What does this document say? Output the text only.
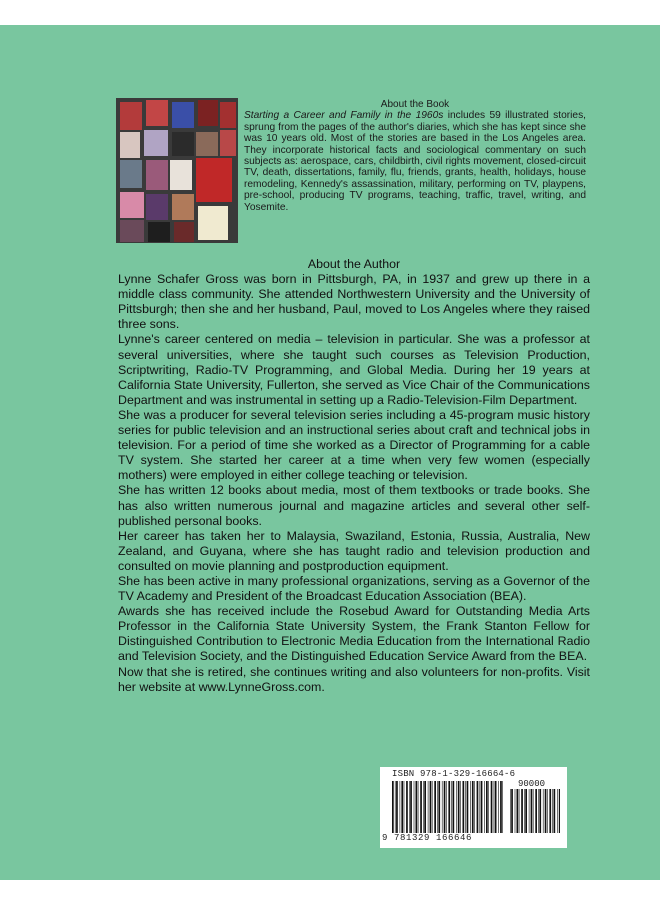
About the Book
Starting a Career and Family in the 1960s includes 59 illustrated stories, sprung from the pages of the author's diaries, which she has kept since she was 10 years old. Most of the stories are based in the Los Angeles area. They incorporate historical facts and sociological commentary on such subjects as: aerospace, cars, childbirth, civil rights movement, closed-circuit TV, death, dissertations, family, flu, friends, grants, health, holidays, house remodeling, Kennedy's assassination, military, performing on TV, playpens, pre-school, producing TV programs, teaching, traffic, travel, writing, and Yosemite.
About the Author

Lynne Schafer Gross was born in Pittsburgh, PA, in 1937 and grew up there in a middle class community. She attended Northwestern University and the University of Pittsburgh; then she and her husband, Paul, moved to Los Angeles where they raised three sons.

Lynne's career centered on media – television in particular. She was a professor at several universities, where she taught such courses as Television Production, Scriptwriting, Radio-TV Programming, and Global Media. During her 19 years at California State University, Fullerton, she served as Vice Chair of the Communications Department and was instrumental in setting up a Radio-Television-Film Department.

She was a producer for several television series including a 45-program music history series for public television and an instructional series about craft and technical jobs in television. For a period of time she worked as a Director of Programming for a cable TV system. She started her career at a time when very few women (especially mothers) were employed in either college teaching or television.

She has written 12 books about media, most of them textbooks or trade books. She has also written numerous journal and magazine articles and several other self-published personal books.

Her career has taken her to Malaysia, Swaziland, Estonia, Russia, Australia, New Zealand, and Guyana, where she has taught radio and television production and consulted on movie planning and postproduction equipment.

She has been active in many professional organizations, serving as a Governor of the TV Academy and President of the Broadcast Education Association (BEA).

Awards she has received include the Rosebud Award for Outstanding Media Arts Professor in the California State University System, the Frank Stanton Fellow for Distinguished Contribution to Electronic Media Education from the International Radio and Television Society, and the Distinguished Education Service Award from the BEA.

Now that she is retired, she continues writing and also volunteers for non-profits. Visit her website at www.LynneGross.com.

ISBN 978-1-329-16664-6
90000
9 781329 166646
